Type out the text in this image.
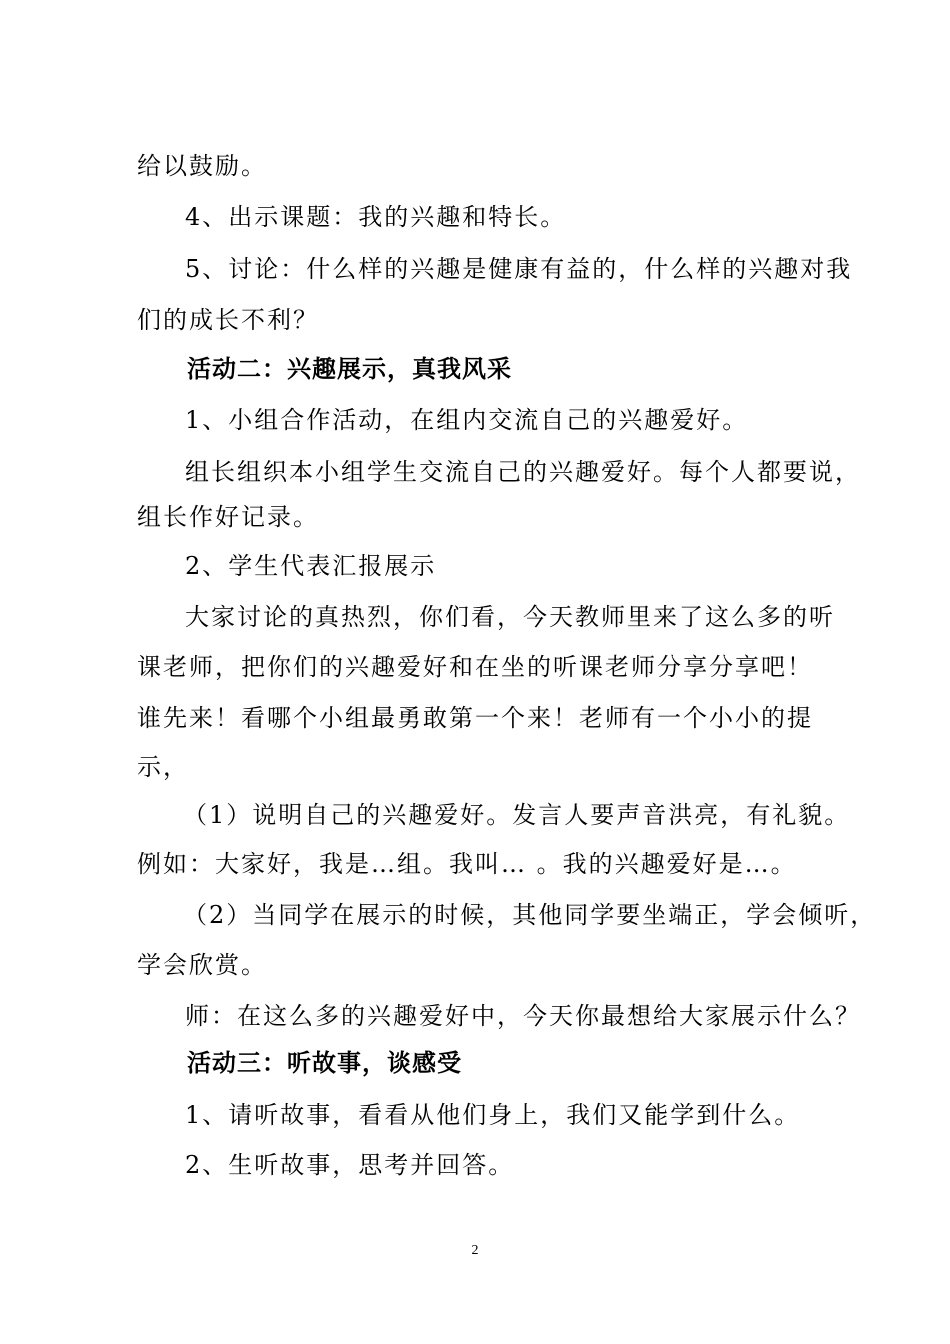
给以鼓励。
4、出示课题：我的兴趣和特长。
5、讨论：什么样的兴趣是健康有益的，什么样的兴趣对我
们的成长不利？
活动二：兴趣展示，真我风采
1、小组合作活动，在组内交流自己的兴趣爱好。
组长组织本小组学生交流自己的兴趣爱好。每个人都要说，
组长作好记录。
2、学生代表汇报展示
大家讨论的真热烈，你们看，今天教师里来了这么多的听
课老师，把你们的兴趣爱好和在坐的听课老师分享分享吧！
谁先来！看哪个小组最勇敢第一个来！老师有一个小小的提
示，
（1）说明自己的兴趣爱好。发言人要声音洪亮，有礼貌。
例如：大家好，我是…组。我叫… 。我的兴趣爱好是…。
（2）当同学在展示的时候，其他同学要坐端正，学会倾听，
学会欣赏。
师：在这么多的兴趣爱好中，今天你最想给大家展示什么？
活动三：听故事，谈感受
1、请听故事，看看从他们身上，我们又能学到什么。
2、生听故事，思考并回答。
2
